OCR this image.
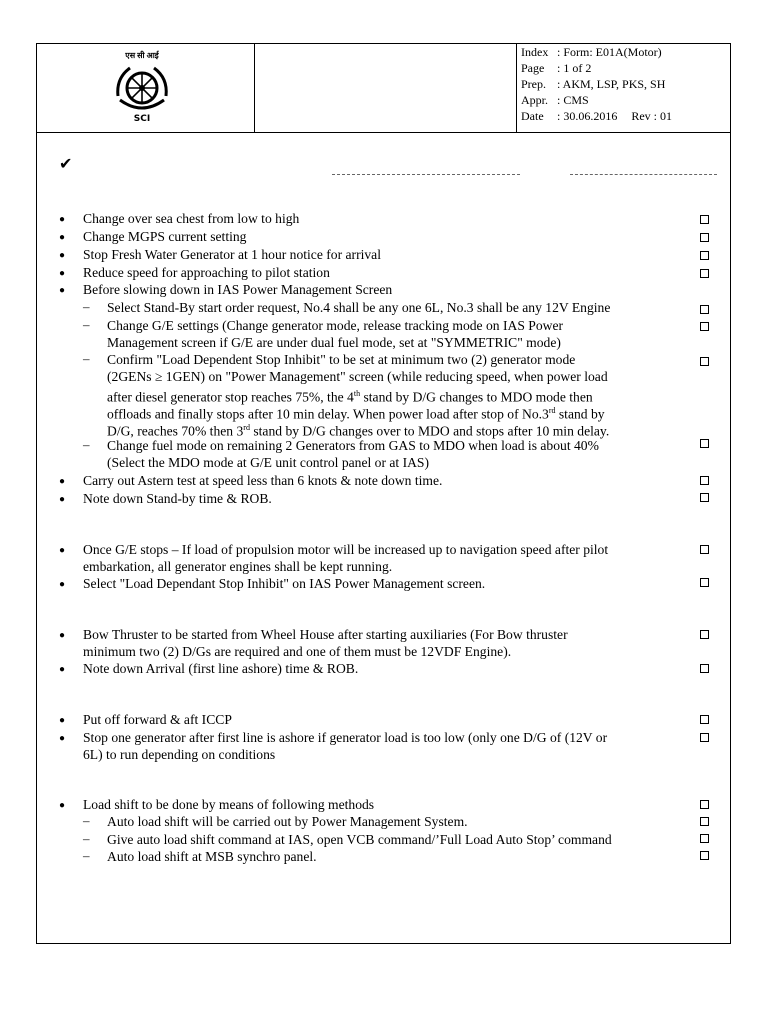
एस सी आई
SCI
Index : Form: E01A(Motor)
Page : 1 of 2
Prep. : AKM, LSP, PKS, SH
Appr. : CMS
Date : 30.06.2016 Rev : 01
✔
● Change over sea chest from low to high
● Change MGPS current setting
● Stop Fresh Water Generator at 1 hour notice for arrival
● Reduce speed for approaching to pilot station
● Before slowing down in IAS Power Management Screen
– Select Stand-By start order request, No.4 shall be any one 6L, No.3 shall be any 12V Engine
– Change G/E settings (Change generator mode, release tracking mode on IAS Power
Management screen if G/E are under dual fuel mode, set at "SYMMETRIC" mode)
– Confirm "Load Dependent Stop Inhibit" to be set at minimum two (2) generator mode
(2GENs ≥ 1GEN) on "Power Management" screen (while reducing speed, when power load
after diesel generator stop reaches 75%, the 4th stand by D/G changes to MDO mode then
offloads and finally stops after 10 min delay. When power load after stop of No.3rd stand by
D/G, reaches 70% then 3rd stand by D/G changes over to MDO and stops after 10 min delay.
– Change fuel mode on remaining 2 Generators from GAS to MDO when load is about 40%
(Select the MDO mode at G/E unit control panel or at IAS)
● Carry out Astern test at speed less than 6 knots & note down time.
● Note down Stand-by time & ROB.
● Once G/E stops – If load of propulsion motor will be increased up to navigation speed after pilot
embarkation, all generator engines shall be kept running.
● Select "Load Dependant Stop Inhibit" on IAS Power Management screen.
● Bow Thruster to be started from Wheel House after starting auxiliaries (For Bow thruster
minimum two (2) D/Gs are required and one of them must be 12VDF Engine).
● Note down Arrival (first line ashore) time & ROB.
● Put off forward & aft ICCP
● Stop one generator after first line is ashore if generator load is too low (only one D/G of (12V or
6L) to run depending on conditions
● Load shift to be done by means of following methods
– Auto load shift will be carried out by Power Management System.
– Give auto load shift command at IAS, open VCB command/’Full Load Auto Stop’ command
– Auto load shift at MSB synchro panel.
